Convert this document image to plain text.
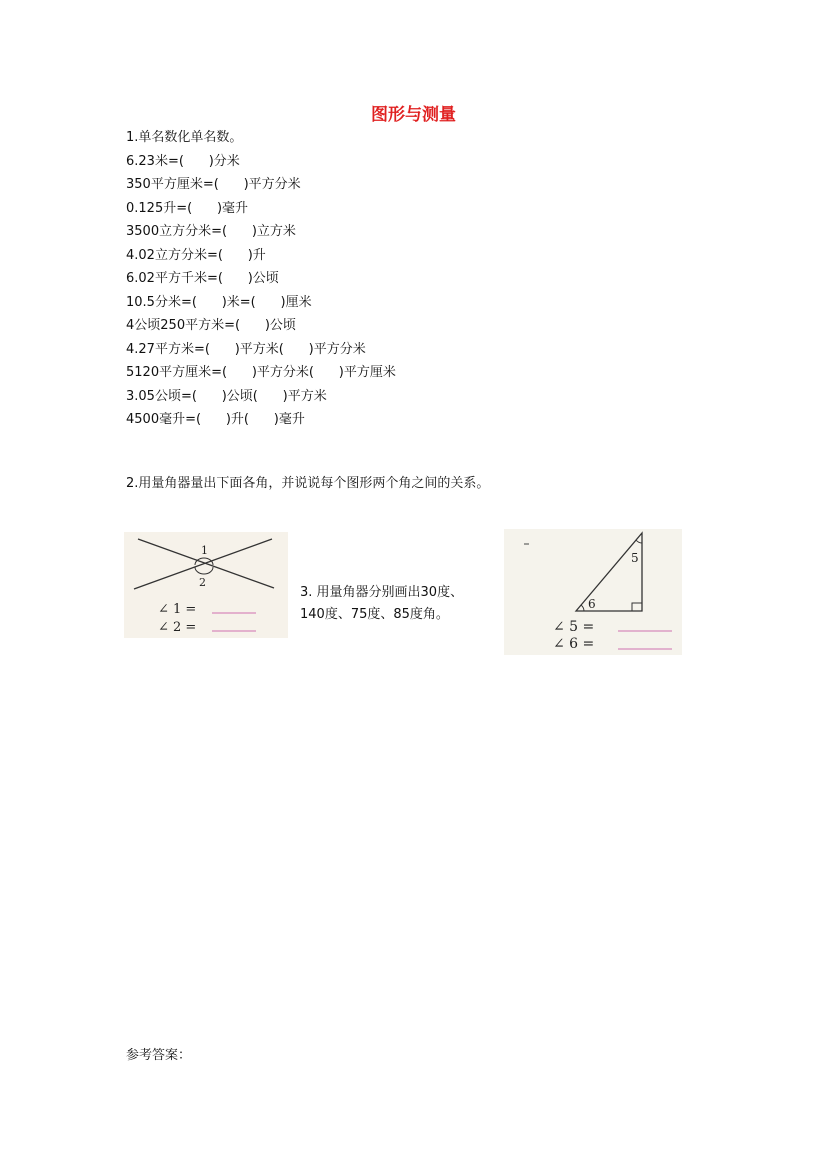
图形与测量
1.单名数化单名数。
6.23米=(      )分米
350平方厘米=(      )平方分米
0.125升=(      )毫升
3500立方分米=(      )立方米
4.02立方分米=(      )升
6.02平方千米=(      )公顷
10.5分米=(      )米=(      )厘米
4公顷250平方米=(      )公顷
4.27平方米=(      )平方米(      )平方分米
5120平方厘米=(      )平方分米(      )平方厘米
3.05公顷=(      )公顷(      )平方米
4500毫升=(      )升(      )毫升
2.用量角器量出下面各角，并说说每个图形两个角之间的关系。
1
2
∠ 1 =
∠ 2 =
3. 用量角器分别画出30度、
140度、75度、85度角。
5
6
∠ 5 =
∠ 6 =
参考答案：
